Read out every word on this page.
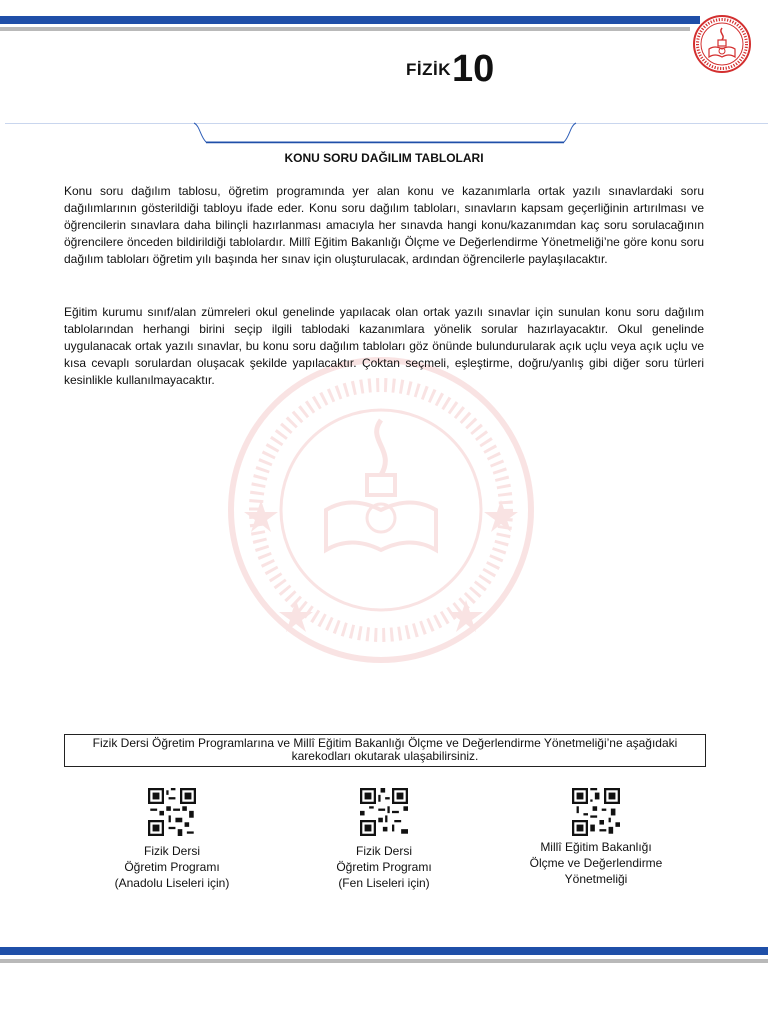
FİZİK 10
KONU SORU DAĞILIM TABLOLARI

Konu soru dağılım tablosu, öğretim programında yer alan konu ve kazanımlarla ortak yazılı sınavlardaki soru dağılımlarının gösterildiği tabloyu ifade eder. Konu soru dağılım tabloları, sınavların kapsam geçerliğinin artırılması ve öğrencilerin sınavlara daha bilinçli hazırlanması amacıyla her sınavda hangi konu/kazanımdan kaç soru sorulacağının öğrencilere önceden bildirildiği tablolardır. Millî Eğitim Bakanlığı Ölçme ve Değerlendirme Yönetmeliği’ne göre konu soru dağılım tabloları öğretim yılı başında her sınav için oluşturulacak, ardından öğrencilerle paylaşılacaktır.

Eğitim kurumu sınıf/alan zümreleri okul genelinde yapılacak olan ortak yazılı sınavlar için sunulan konu soru dağılım tablolarından herhangi birini seçip ilgili tablodaki kazanımlara yönelik sorular hazırlayacaktır. Okul genelinde uygulanacak ortak yazılı sınavlar, bu konu soru dağılım tabloları göz önünde bulundurularak açık uçlu veya açık uçlu ve kısa cevaplı sorulardan oluşacak şekilde yapılacaktır. Çoktan seçmeli, eşleştirme, doğru/yanlış gibi diğer soru türleri kesinlikle kullanılmayacaktır.

Fizik Dersi Öğretim Programlarına ve Millî Eğitim Bakanlığı Ölçme ve Değerlendirme Yönetmeliği’ne aşağıdaki karekodları okutarak ulaşabilirsiniz.
Fizik Dersi
Öğretim Programı
(Anadolu Liseleri için)
Fizik Dersi
Öğretim Programı
(Fen Liseleri için)
Millî Eğitim Bakanlığı
Ölçme ve Değerlendirme
Yönetmeliği
